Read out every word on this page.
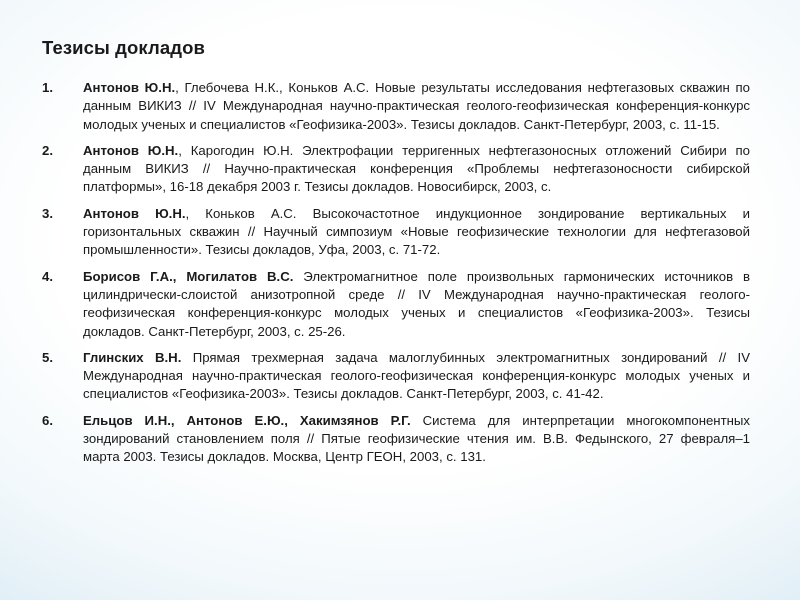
Тезисы докладов
1. Антонов Ю.Н., Глебочева Н.К., Коньков А.С. Новые результаты исследования нефтегазовых скважин по данным ВИКИЗ // IV Международная научно-практическая геолого-геофизическая конференция-конкурс молодых ученых и специалистов «Геофизика-2003». Тезисы докладов. Санкт-Петербург, 2003, с. 11-15.
2. Антонов Ю.Н., Карогодин Ю.Н. Электрофации терригенных нефтегазоносных отложений Сибири по данным ВИКИЗ // Научно-практическая конференция «Проблемы нефтегазоносности сибирской платформы», 16-18 декабря 2003 г. Тезисы докладов. Новосибирск, 2003, с.
3. Антонов Ю.Н., Коньков А.С. Высокочастотное индукционное зондирование вертикальных и горизонтальных скважин // Научный симпозиум «Новые геофизические технологии для нефтегазовой промышленности». Тезисы докладов, Уфа, 2003, с. 71-72.
4. Борисов Г.А., Могилатов В.С. Электромагнитное поле произвольных гармонических источников в цилиндрически-слоистой анизотропной среде // IV Международная научно-практическая геолого-геофизическая конференция-конкурс молодых ученых и специалистов «Геофизика-2003». Тезисы докладов. Санкт-Петербург, 2003, с. 25-26.
5. Глинских В.Н. Прямая трехмерная задача малоглубинных электромагнитных зондирований // IV Международная научно-практическая геолого-геофизическая конференция-конкурс молодых ученых и специалистов «Геофизика-2003». Тезисы докладов. Санкт-Петербург, 2003, с. 41-42.
6. Ельцов И.Н., Антонов Е.Ю., Хакимзянов Р.Г. Система для интерпретации многокомпонентных зондирований становлением поля // Пятые геофизические чтения им. В.В. Федынского, 27 февраля–1 марта 2003. Тезисы докладов. Москва, Центр ГЕОН, 2003, с. 131.
